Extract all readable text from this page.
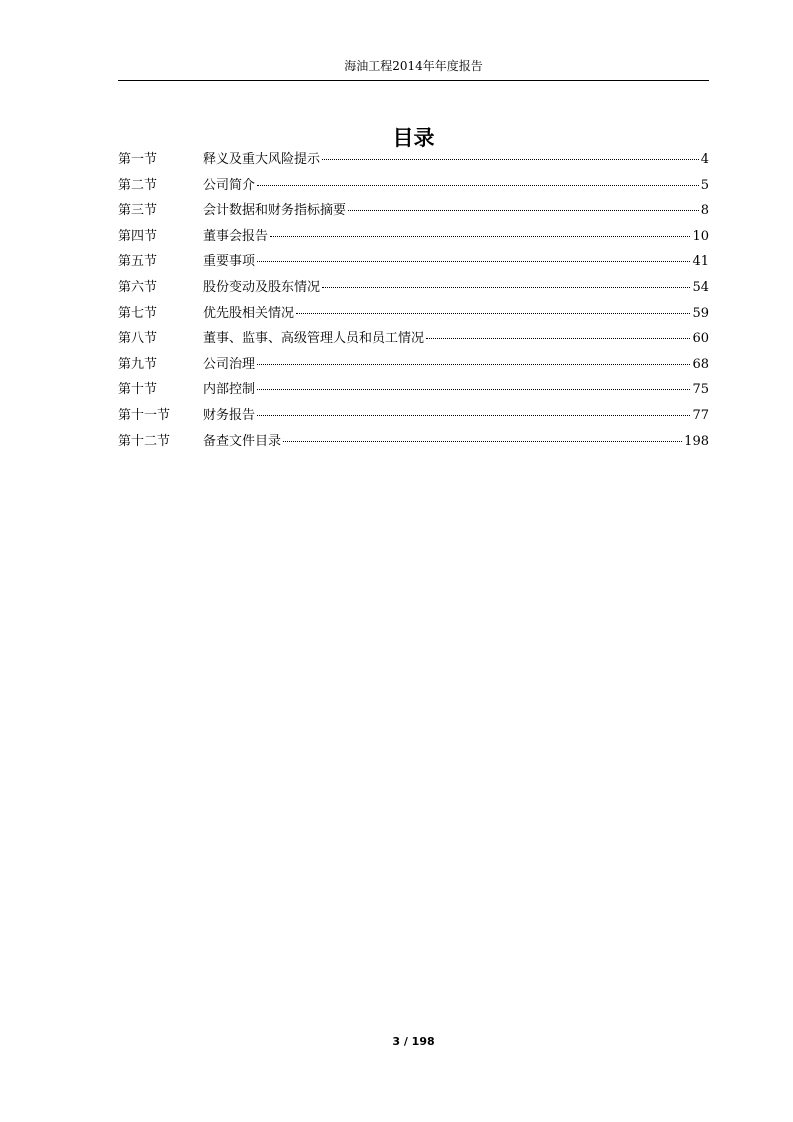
海油工程2014年年度报告
目录
第一节	释义及重大风险提示	4
第二节	公司简介	5
第三节	会计数据和财务指标摘要	8
第四节	董事会报告	10
第五节	重要事项	41
第六节	股份变动及股东情况	54
第七节	优先股相关情况	59
第八节	董事、监事、高级管理人员和员工情况	60
第九节	公司治理	68
第十节	内部控制	75
第十一节	财务报告	77
第十二节	备查文件目录	198
3 / 198
